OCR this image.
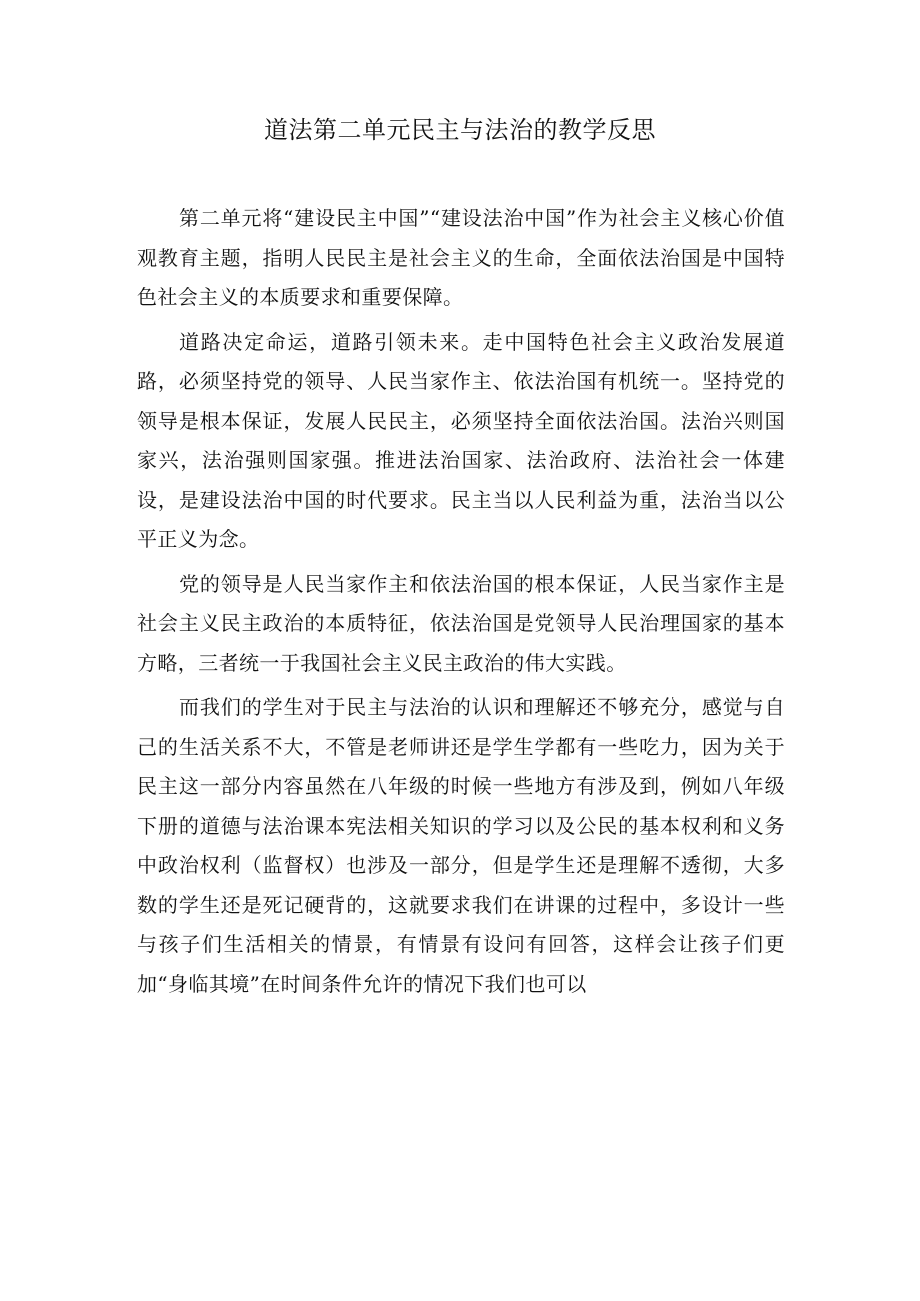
道法第二单元民主与法治的教学反思

第二单元将“建设民主中国”“建设法治中国”作为社会主义核心价值观教育主题，指明人民民主是社会主义的生命，全面依法治国是中国特色社会主义的本质要求和重要保障。

道路决定命运，道路引领未来。走中国特色社会主义政治发展道路，必须坚持党的领导、人民当家作主、依法治国有机统一。坚持党的领导是根本保证，发展人民民主，必须坚持全面依法治国。法治兴则国家兴，法治强则国家强。推进法治国家、法治政府、法治社会一体建设，是建设法治中国的时代要求。民主当以人民利益为重，法治当以公平正义为念。

党的领导是人民当家作主和依法治国的根本保证，人民当家作主是社会主义民主政治的本质特征，依法治国是党领导人民治理国家的基本方略，三者统一于我国社会主义民主政治的伟大实践。

而我们的学生对于民主与法治的认识和理解还不够充分，感觉与自己的生活关系不大，不管是老师讲还是学生学都有一些吃力，因为关于民主这一部分内容虽然在八年级的时候一些地方有涉及到，例如八年级下册的道德与法治课本宪法相关知识的学习以及公民的基本权利和义务中政治权利（监督权）也涉及一部分，但是学生还是理解不透彻，大多数的学生还是死记硬背的，这就要求我们在讲课的过程中，多设计一些与孩子们生活相关的情景，有情景有设问有回答，这样会让孩子们更加“身临其境”在时间条件允许的情况下我们也可以
